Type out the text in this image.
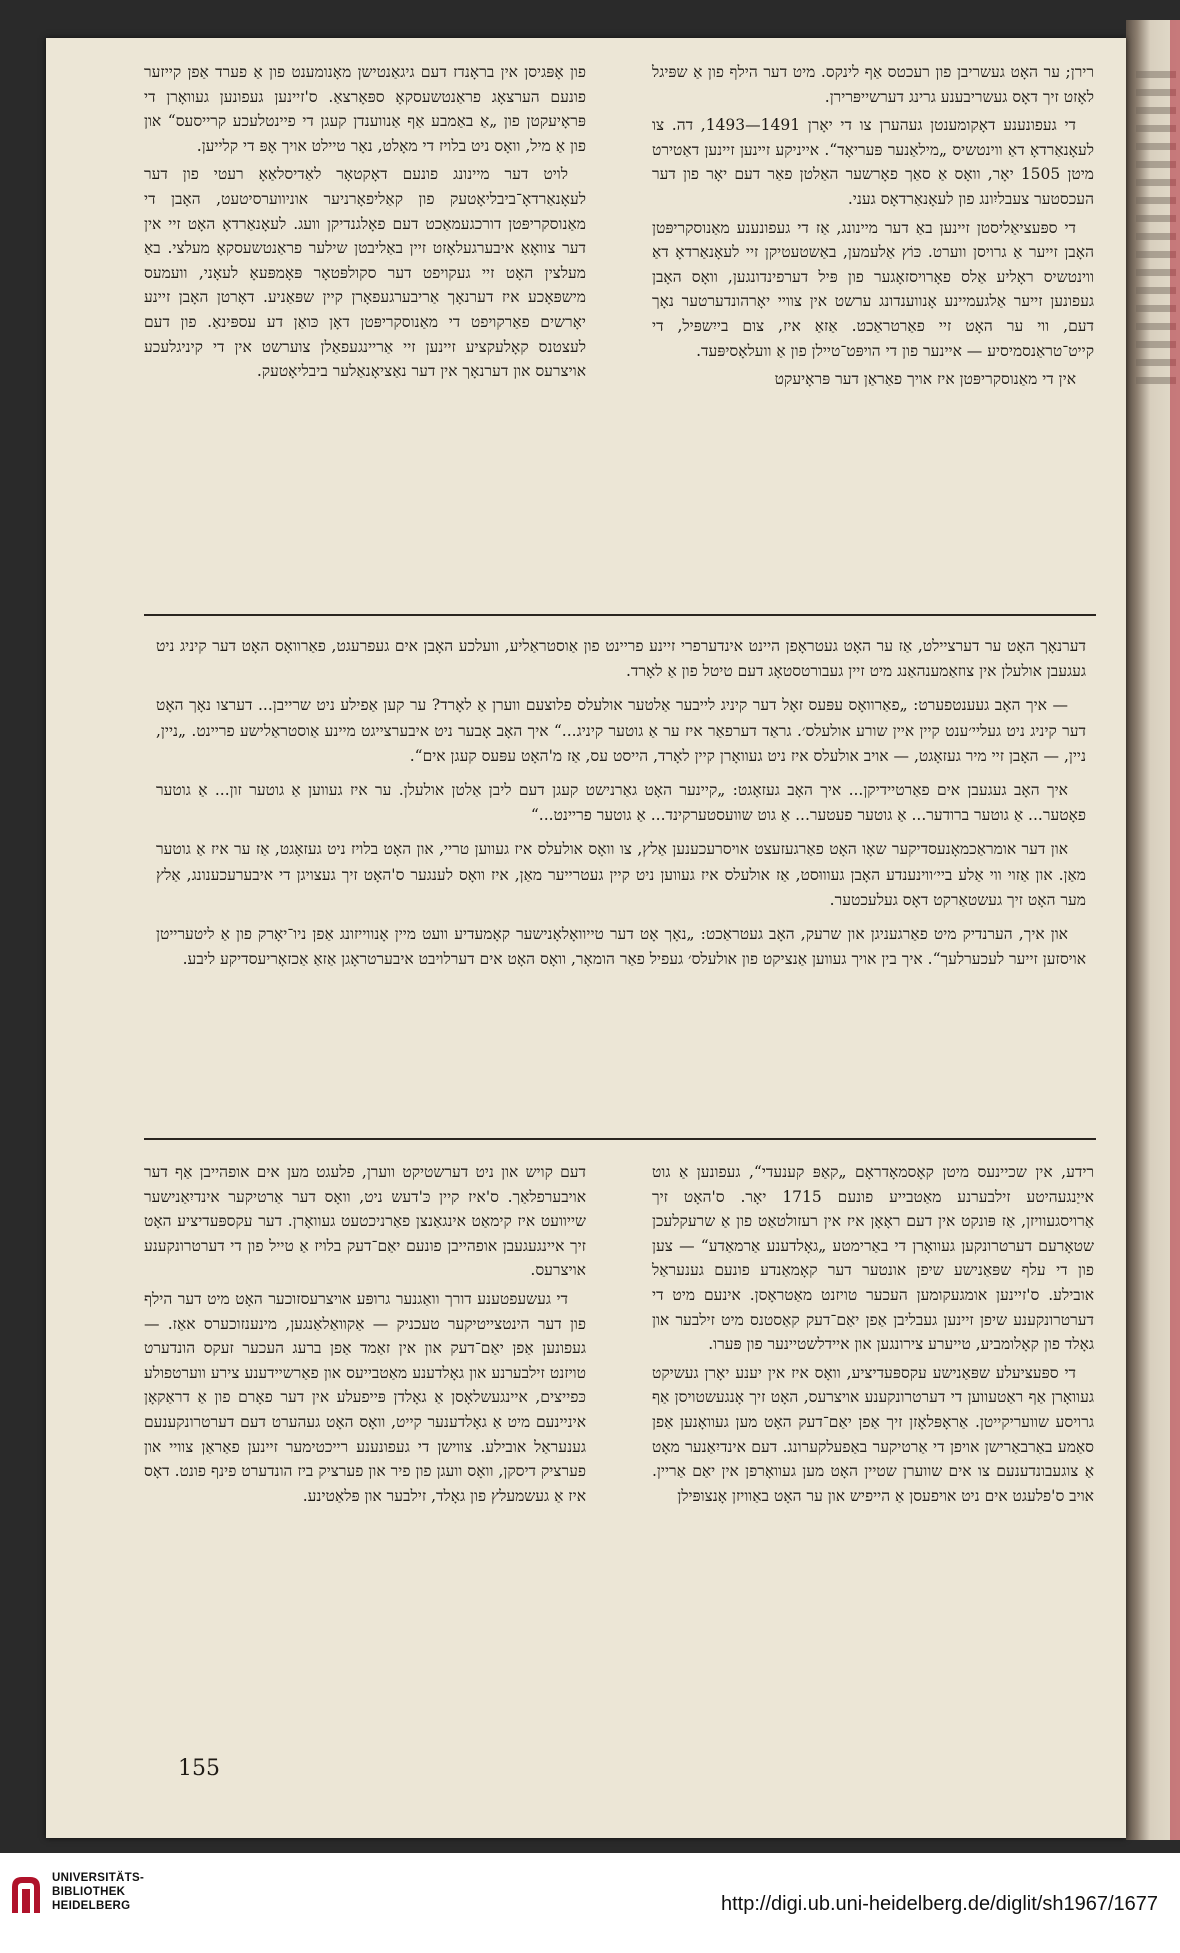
רירן; ער האָט געשריבן פון רעכטס אַף לינקס. מיט דער הילף פון אַ שפּיגל לאָזט זיך דאָס געשריבענע גרינג דערשייפּרירן.

די געפונענע דאָקומענטן געהערן צו די יאָרן 1491—1493, דה. צו לעאָנאַרדאָ דאַ ווינטשיס „מילאַנער פּעריאָד“. אייניקע זיינען זיינען דאַטירט מיטן 1505 יאָר, וואָס אַ סאַך פאָרשער האַלטן פאַר דעם יאָר פון דער העכסטער צעבליִונג פון לעאָנאַרדאָס געני.

די ספּעציאַליסטן זיינען באַ דער מיינונג, אַז די געפונענע מאַנוסקריפּטן האָבן זייער אַ גרויסן ווערט. כּוֹץ אַלעמען, באַשטעטיקן זיי לעאָנאַרדאָ דאַ ווינטשיס ראָליע אַלס פאָרויסזאָגער פון פּיל דערפינדונגען, וואָס האָבן געפונען זייער אַלגעמיינע אָנווענדונג ערשט אין צוויי יאָרהונדערטער נאָך דעם, ווי ער האָט זיי פאַרטראַכט. אַזאַ איז, צום בייִשפּיל, די קייט־טראַנסמיסיע — איינער פון די הויפּט־טיילן פון אַ וועלאָסיפּעד.

אין די מאַנוסקריפּטן איז אויך פאַראַן דער פּראָיעקט

פון אָפּגיסן אין בראָנדז דעם גיגאַנטישן מאָנומענט פון אַ פערד אַפן קייזער פונעם הערצאָג פראַנטשעסקאָ ספּאָרצאַ. ס'זיינען געפונען געוואָרן די פּראָיעקטן פון „אַ באַמבע אַף אַנווענדן קעגן די פיינטלעכע קרייסעס“ און פון אַ מיל, וואָס ניט בלויז די מאָלט, נאָר טיילט אויך אָפּ די קלייען.

לויט דער מיינונג פונעם דאָקטאָר לאַדיסלאַאָ רעטי פון דער לעאָנאַרדאָ־ביבליאָטעק פון קאַליפאָרניער אוניווערסיטעט, האָבן די מאַנוסקריפּטן דורכגעמאַכט דעם פאָלגנדיקן וועג. לעאָנאַרדאָ האָט זיי אין דער צוואָאַ איבערגעלאָזט זיין באַליבטן שילער פראַנטשעסקאָ מעלצי. באַ מעלצין האָט זיי געקויפט דער סקולפּטאָר פּאָמפּעאָ לעאָני, וועמעס מישפּאָכע איז דערנאָך אַריבערגעפאָרן קיין שפּאַניע. דאָרטן האָבן זיינע יאָרשים פאַרקויפט די מאַנוסקריפּטן דאָן כּואַן דע עספּינאַ. פון דעם לעצטנס קאָלעקציע זיינען זיי אַריינגעפאַלן צוערשט אין די קיניגלעכע אויצרעס און דערנאָך אין דער נאַציאָנאַלער ביבליאָטעק.

דערנאָך האָט ער דערציילט, אַז ער האָט געטראָפן היינט אינדערפרי זיינע פריינט פון אַוסטראַליע, וועלכע האָבן אים געפרעגט, פאַרוואָס האָט דער קיניג ניט געגעבן אולעלן אין צוזאַמענהאַנג מיט זיין געבורטסטאָג דעם טיטל פון אַ לאָרד.

— איך האָב געענטפערט: „פאַרוואָס עפּעס זאָל דער קיניג לייבער אַלטער אולעלס פלוצעם ווערן אַ לאָרד? ער קען אַפילע ניט שרייבן... דערצו נאָך האָט דער קיניג ניט געליי׳ענט קיין איין שורע אולעלס׳. גראַד דערפאַר איז ער אַ גוטער קיניג...“ איך האָב אָבער ניט איבערצייגט מיינע אַוסטראַלישע פריינט. „ניין, ניין, — האָבן זיי מיר געזאָגט, — אויב אולעלס איז ניט געוואָרן קיין לאָרד, הייסט עס, אַז מ'האָט עפּעס קעגן אים“.

איך האָב געגעבן אים פאַרטיידיקן... איך האָב געזאָגט: „קיינער האָט גאַרנישט קעגן דעם ליבן אַלטן אולעלן. ער איז געווען אַ גוטער זון... אַ גוטער פאָטער... אַ גוטער ברודער... אַ גוטער פעטער... אַ גוט שוועסטערקינד... אַ גוטער פריינט...“

און דער אומראַכמאָנעסדיקער שאָו האָט פאַרגעזעצט אויסרעכענען אַלץ, צו וואָס אולעלס איז געווען טריי, און האָט בלויז ניט געזאָגט, אַז ער איז אַ גוטער מאַן. און אַזוי ווי אַלע ביי׳ווינענדע האָבן געוווּסט, אַז אולעלס איז געווען ניט קיין געטרייער מאַן, איז וואָס לענגער ס'האָט זיך געצויגן די איבערעכענונג, אַלץ מער האָט זיך געשטאַרקט דאָס געלעכטער.

און איך, הערנדיק מיט פאַרגעניגן און שרעק, האָב געטראַכט: „נאָך אָט דער טייוואָלאָנישער קאָמעדיע וועט מיין אָנווייזונג אַפן ניו־יאָרק פון אַ ליטערייטן אויסזען זייער לעכערלעך“. איך בין אויך געווען אַנציקט פון אולעלס׳ געפיל פאַר הומאָר, וואָס האָט אים דערלויבט איבערטראָגן אַזאַ אַכזאָריעסדיקע ליבע.

רידע, אין שכיינעס מיטן קאָסמאָדראָם „קאַפּ קענעדי“, געפונען אַ גוט אייַנגעהיטע זילבערנע מאַטבייע פונעם 1715 יאָר. ס'האָט זיך אַרויסגעוויזן, אַז פּונקט אין דעם ראָאָן איז אין רעזולטאַט פון אַ שרעקלעכן שטאָרעם דערטרונקען געוואָרן די באַרימטע „גאָלדענע אַרמאַדע“ — צען פון די עלף שפּאַנישע שיפן אונטער דער קאָמאַנדע פונעם גענעראַל אובילע. ס'זיינען אומגעקומען העכער טויזנט מאַטראָסן. אינעם מיט די דערטרונקענע שיפן זיינען געבליבן אַפן יאַם־דעק קאַסטנס מיט זילבער און גאָלד פון קאָלומביע, טייערע צירונגען און איידלשטיינער פון פּערו.

די ספּעציעלע שפּאַנישע עקספּעדיציע, וואָס איז אין יענע יאָרן געשיקט געוואָרן אַף ראַטעווען די דערטרונקענע אויצרעס, האָט זיך אָנגעשטויסן אַף גרויסע שוועריקייטן. אַראָפּלאָזן זיך אַפן יאַם־דעק האָט מען געוואָנען אַפן סאַמע באַרבאַרישן אויפן די אַרטיקער באַפעלקערונג. דעם אינדיִאַנער מאָט אַ צוגעבונדענעם צו אים שווערן שטיין האָט מען געוואָרפן אין יאַם אַריין. אויב ס'פלעגט אים ניט אויפעסן אַ הייפיש און ער האָט באַוויזן אָנצופּילן

דעם קויש און ניט דערשטיקט ווערן, פלעגט מען אים אופהייבן אַף דער אויבערפלאַך. ס'איז קיין כּ'דעש ניט, וואָס דער אַרטיקער אינדיִאַנישער שייוועט איז קימאַט אינגאַנצן פאַרניכטעט געוואָרן. דער עקספּעדיציע האָט זיך איינגעגעבן אופהייבן פונעם יאַם־דעק בלויז אַ טייל פון די דערטרונקענע אויצרעס.

די געשעפטענע דורך וואַגנער גרופּע אויצרעסזוכער האָט מיט דער הילף פון דער הינטצייטיקער טעכניק — אַקוואַלאַנגען, מינענזוכערס אאַז. — געפונען אַפן יאַם־דעק און אין זאַמד אַפן ברעג העכער זעקס הונדערט טויזנט זילבערנע און גאָלדענע מאַטבייעס און פאַרשיידענע צירע ווערטפולע כּפייצים, איינגעשלאָסן אַ גאָלדן פּייפעלע אין דער פאָרם פון אַ דראַקאָן איניינעם מיט אַ גאָלדענער קייט, וואָס האָט געהערט דעם דערטרונקענעם גענעראַל אובילע. צווישן די געפונענע רייכטימער זיינען פאַראַן צוויי און פערציק דיסקן, וואָס וועגן פון פיר און פערציק ביז הונדערט פינף פונט. דאָס איז אַ געשמעלץ פון גאָלד, זילבער און פּלאַטינע.

155
UNIVERSITÄTS-
BIBLIOTHEK
HEIDELBERG	http://digi.ub.uni-heidelberg.de/diglit/sh1967/1677
